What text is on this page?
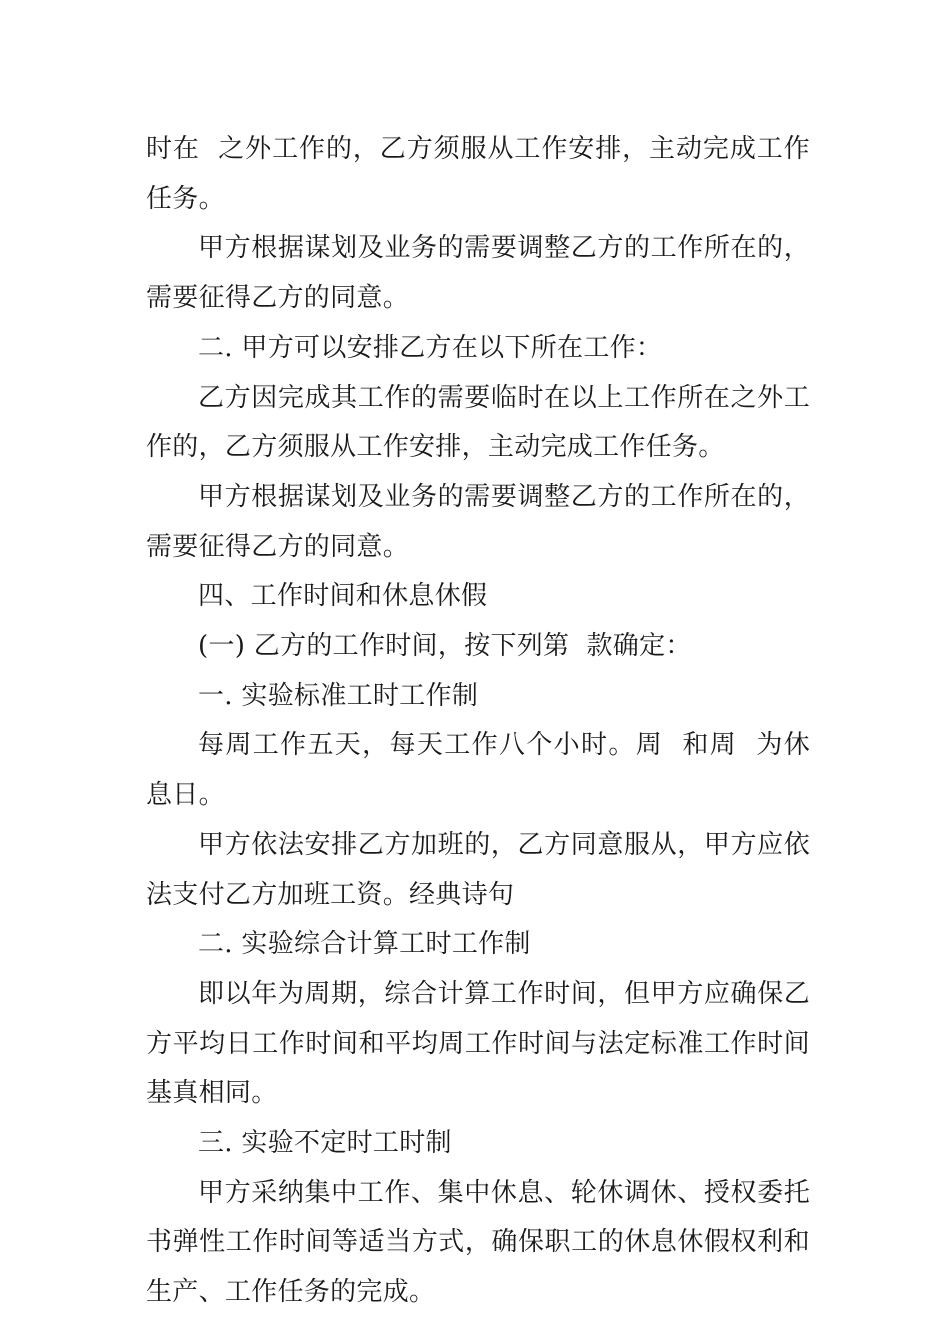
时在  之外工作的，乙方须服从工作安排，主动完成工作任务。

甲方根据谋划及业务的需要调整乙方的工作所在的，需要征得乙方的同意。

二. 甲方可以安排乙方在以下所在工作：

乙方因完成其工作的需要临时在以上工作所在之外工作的，乙方须服从工作安排，主动完成工作任务。

甲方根据谋划及业务的需要调整乙方的工作所在的，需要征得乙方的同意。

四、工作时间和休息休假

(一) 乙方的工作时间，按下列第  款确定：

一. 实验标准工时工作制

每周工作五天，每天工作八个小时。周  和周  为休息日。

甲方依法安排乙方加班的，乙方同意服从，甲方应依法支付乙方加班工资。经典诗句

二. 实验综合计算工时工作制

即以年为周期，综合计算工作时间，但甲方应确保乙方平均日工作时间和平均周工作时间与法定标准工作时间基真相同。

三. 实验不定时工时制

甲方采纳集中工作、集中休息、轮休调休、授权委托书弹性工作时间等适当方式，确保职工的休息休假权利和生产、工作任务的完成。
